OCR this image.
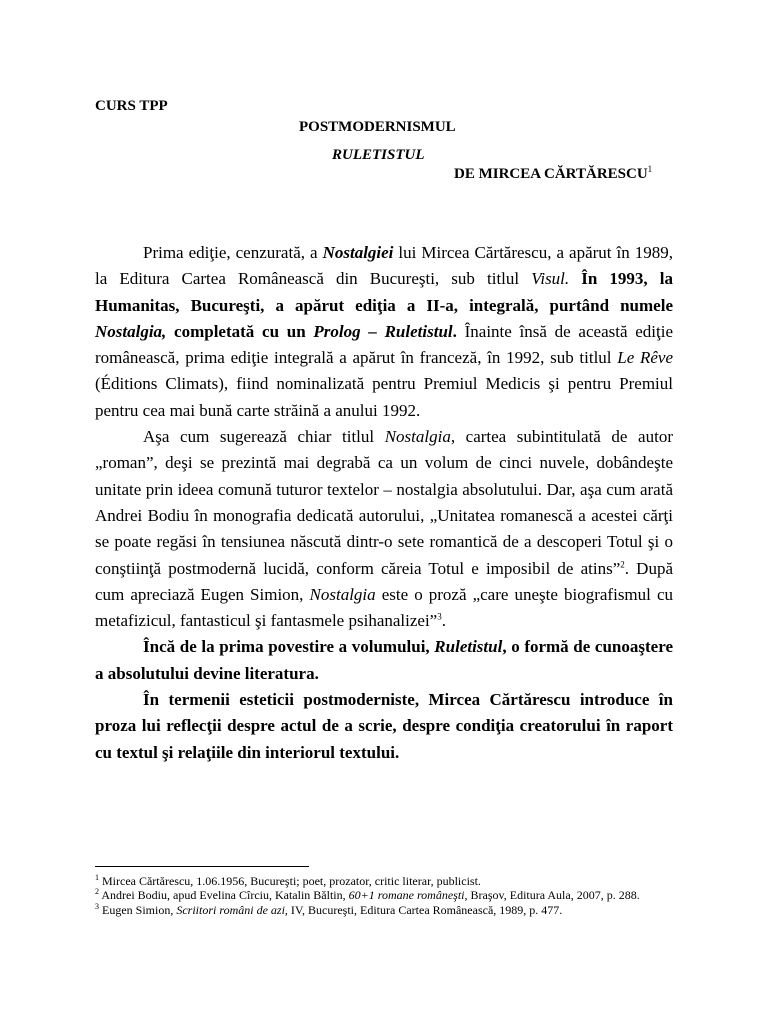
CURS TPP
POSTMODERNISMUL
RULETISTUL
DE MIRCEA CĂRTĂRESCU$^1$

Prima ediţie, cenzurată, a Nostalgiei lui Mircea Cărtărescu, a apărut în 1989, la Editura Cartea Românească din Bucureşti, sub titlul Visul. În 1993, la Humanitas, Bucureşti, a apărut ediţia a II-a, integrală, purtând numele Nostalgia, completată cu un Prolog – Ruletistul. Înainte însă de această ediţie românească, prima ediţie integrală a apărut în franceză, în 1992, sub titlul Le Rêve (Éditions Climats), fiind nominalizată pentru Premiul Medicis şi pentru Premiul pentru cea mai bună carte străină a anului 1992.

Aşa cum sugerează chiar titlul Nostalgia, cartea subintitulată de autor „roman”, deşi se prezintă mai degrabă ca un volum de cinci nuvele, dobândeşte unitate prin ideea comună tuturor textelor – nostalgia absolutului. Dar, aşa cum arată Andrei Bodiu în monografia dedicată autorului, „Unitatea romanescă a acestei cărţi se poate regăsi în tensiunea născută dintr-o sete romantică de a descoperi Totul şi o conştiinţă postmodernă lucidă, conform căreia Totul e imposibil de atins”$^2$. După cum apreciază Eugen Simion, Nostalgia este o proză „care uneşte biografismul cu metafizicul, fantasticul şi fantasmele psihanalizei”$^3$.

Încă de la prima povestire a volumului, Ruletistul, o formă de cunoaştere a absolutului devine literatura.

În termenii esteticii postmoderniste, Mircea Cărtărescu introduce în proza lui reflecţii despre actul de a scrie, despre condiţia creatorului în raport cu textul şi relaţiile din interiorul textului.

$^1$ Mircea Cărtărescu, 1.06.1956, Bucureşti; poet, prozator, critic literar, publicist.
$^2$ Andrei Bodiu, apud Evelina Cîrciu, Katalin Băltin, 60+1 romane româneşti, Braşov, Editura Aula, 2007, p. 288.
$^3$ Eugen Simion, Scriitori români de azi, IV, Bucureşti, Editura Cartea Românească, 1989, p. 477.
